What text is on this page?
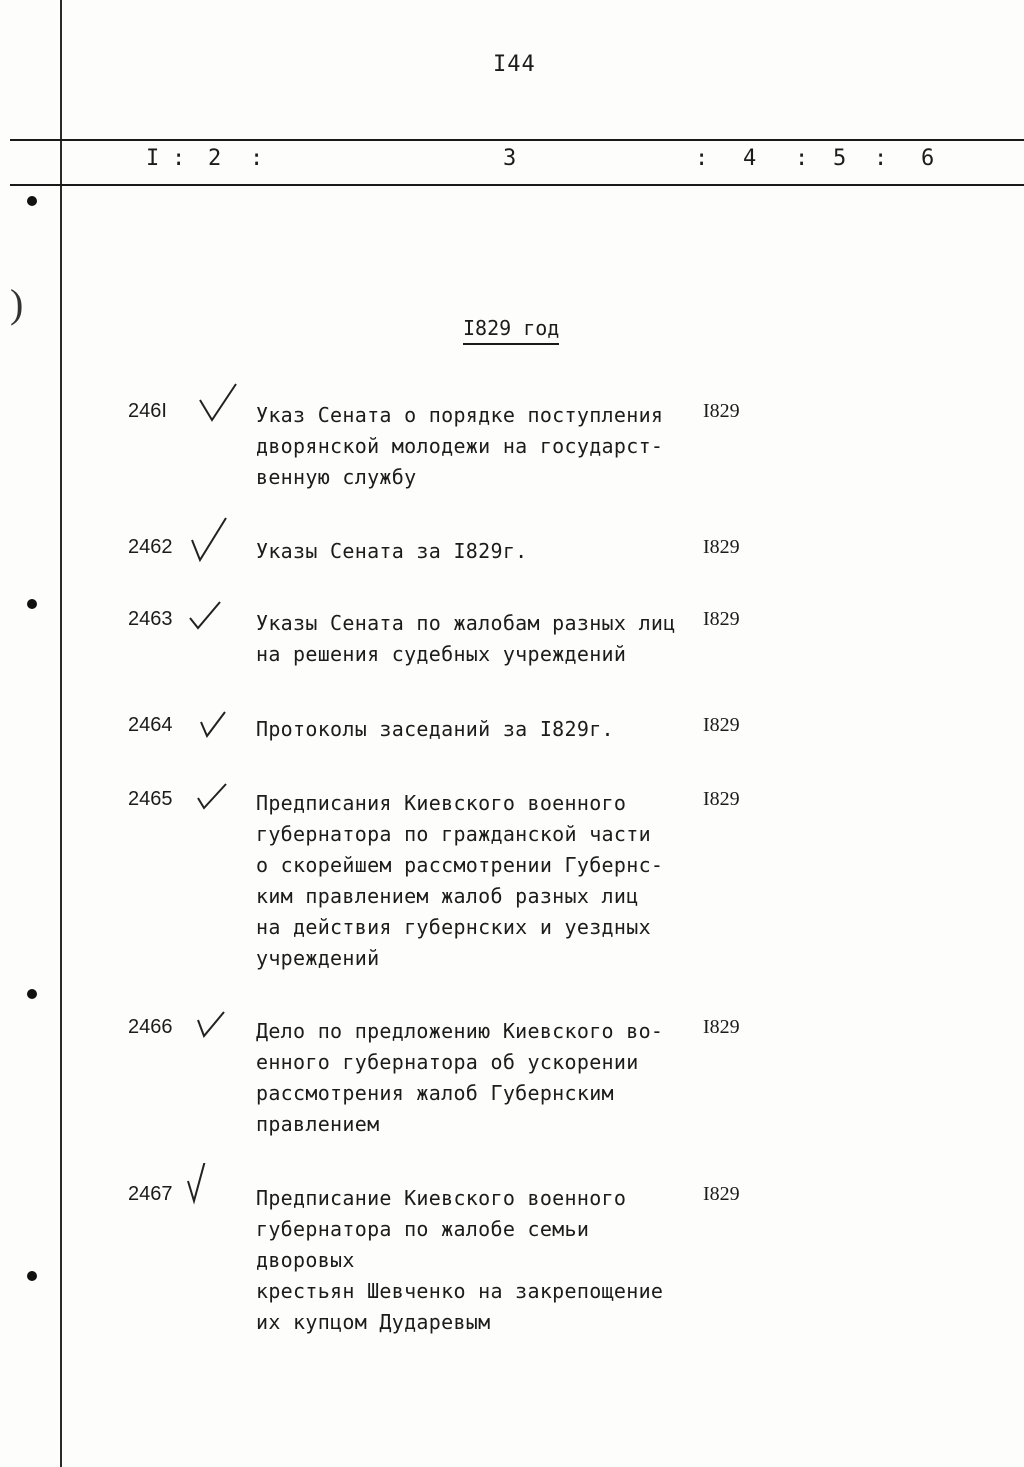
)
I44
I : 2 :	3	: 4 : 5 : 6
I829 год
246I	Указ Сената о порядке поступления
дворянской молодежи на государст-
венную службу
I829
2462	Указы Сената за I829г.	I829
2463	Указы Сената по жалобам разных лиц
на решения судебных учреждений
I829
2464	Протоколы заседаний за I829г.	I829
2465	Предписания Киевского военного
губернатора по гражданской части
о скорейшем рассмотрении Губернс-
ким правлением жалоб разных лиц
на действия губернских и уездных
учреждений
I829
2466	Дело по предложению Киевского во-
енного губернатора об ускорении
рассмотрения жалоб Губернским
правлением
I829
2467	Предписание Киевского военного
губернатора по жалобе семьи дворовых
крестьян Шевченко на закрепощение
их купцом Дударевым
I829
